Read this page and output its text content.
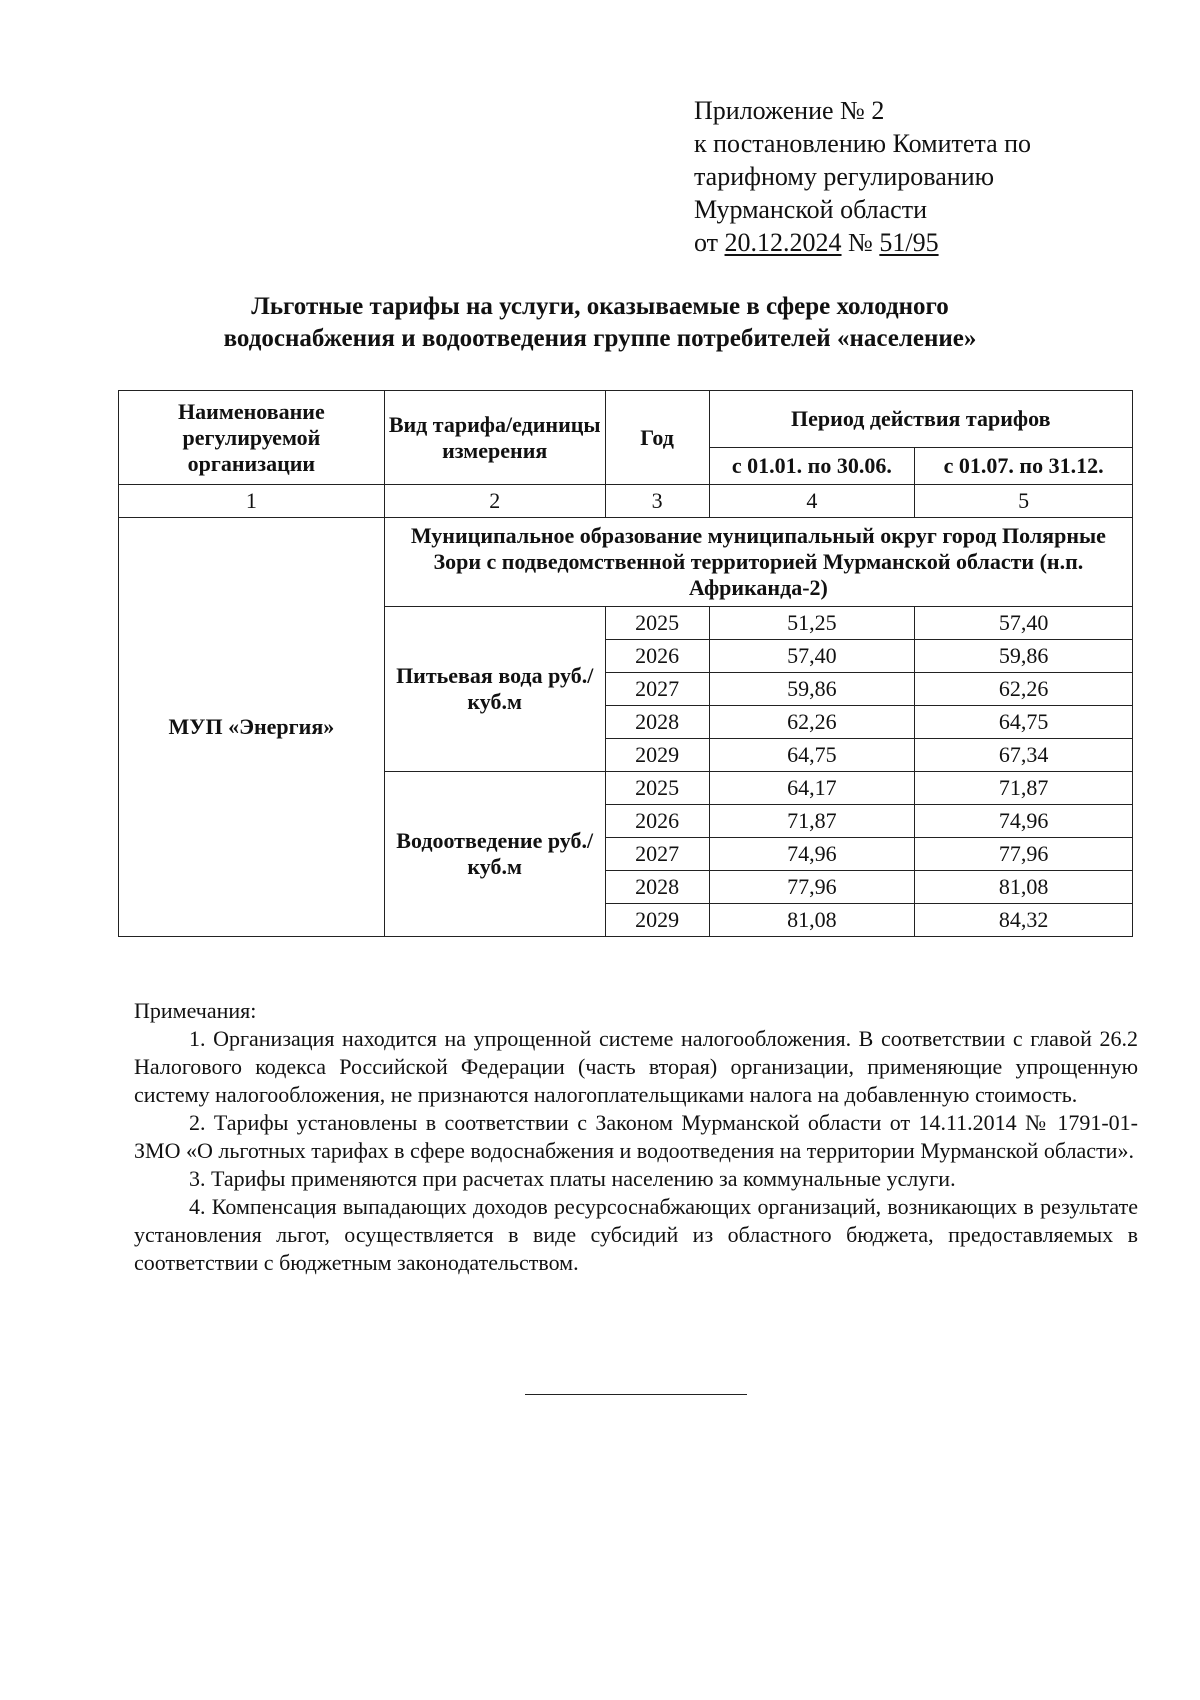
Приложение № 2
к постановлению Комитета по
тарифному регулированию
Мурманской области
от 20.12.2024 № 51/95
Льготные тарифы на услуги, оказываемые в сфере холодного
водоснабжения и водоотведения группе потребителей «население»
Наименование регулируемой организации	Вид тарифа/единицы измерения	Год	Период действия тарифов	
			с 01.01. по 30.06.	с 01.07. по 31.12.
1	2	3	4	5
МУП «Энергия»	Муниципальное образование муниципальный округ город Полярные Зори с подведомственной территорией Мурманской области (н.п. Африканда-2)			
	Питьевая вода руб./куб.м	2025	51,25	57,40
		2026	57,40	59,86
		2027	59,86	62,26
		2028	62,26	64,75
		2029	64,75	67,34
	Водоотведение руб./куб.м	2025	64,17	71,87
		2026	71,87	74,96
		2027	74,96	77,96
		2028	77,96	81,08
		2029	81,08	84,32

Примечания:

1. Организация находится на упрощенной системе налогообложения. В соответствии с главой 26.2 Налогового кодекса Российской Федерации (часть вторая) организации, применяющие упрощенную систему налогообложения, не признаются налогоплательщиками налога на добавленную стоимость.

2. Тарифы установлены в соответствии с Законом Мурманской области от 14.11.2014 № 1791-01-ЗМО «О льготных тарифах в сфере водоснабжения и водоотведения на территории Мурманской области».

3. Тарифы применяются при расчетах платы населению за коммунальные услуги.

4. Компенсация выпадающих доходов ресурсоснабжающих организаций, возникающих в результате установления льгот, осуществляется в виде субсидий из областного бюджета, предоставляемых в соответствии с бюджетным законодательством.
